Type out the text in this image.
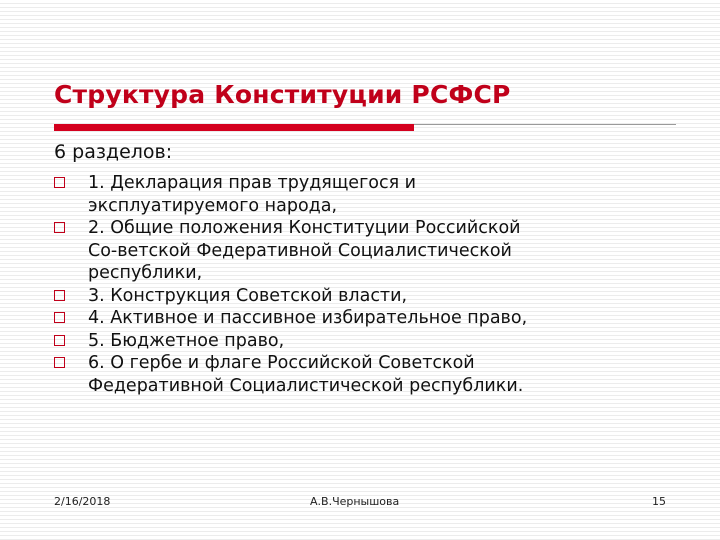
Структура Конституции РСФСР

6 разделов:

1. Декларация прав трудящегося и
эксплуатируемого народа,
2. Общие положения Конституции Российской
Со-ветской Федеративной Социалистической
республики,
3. Конструкция Советской власти,
4. Активное и пассивное избирательное право,
5. Бюджетное право,
6. О гербе и флаге Российской Советской
Федеративной Социалистической республики.
2/16/2018	А.В.Чернышова	15
